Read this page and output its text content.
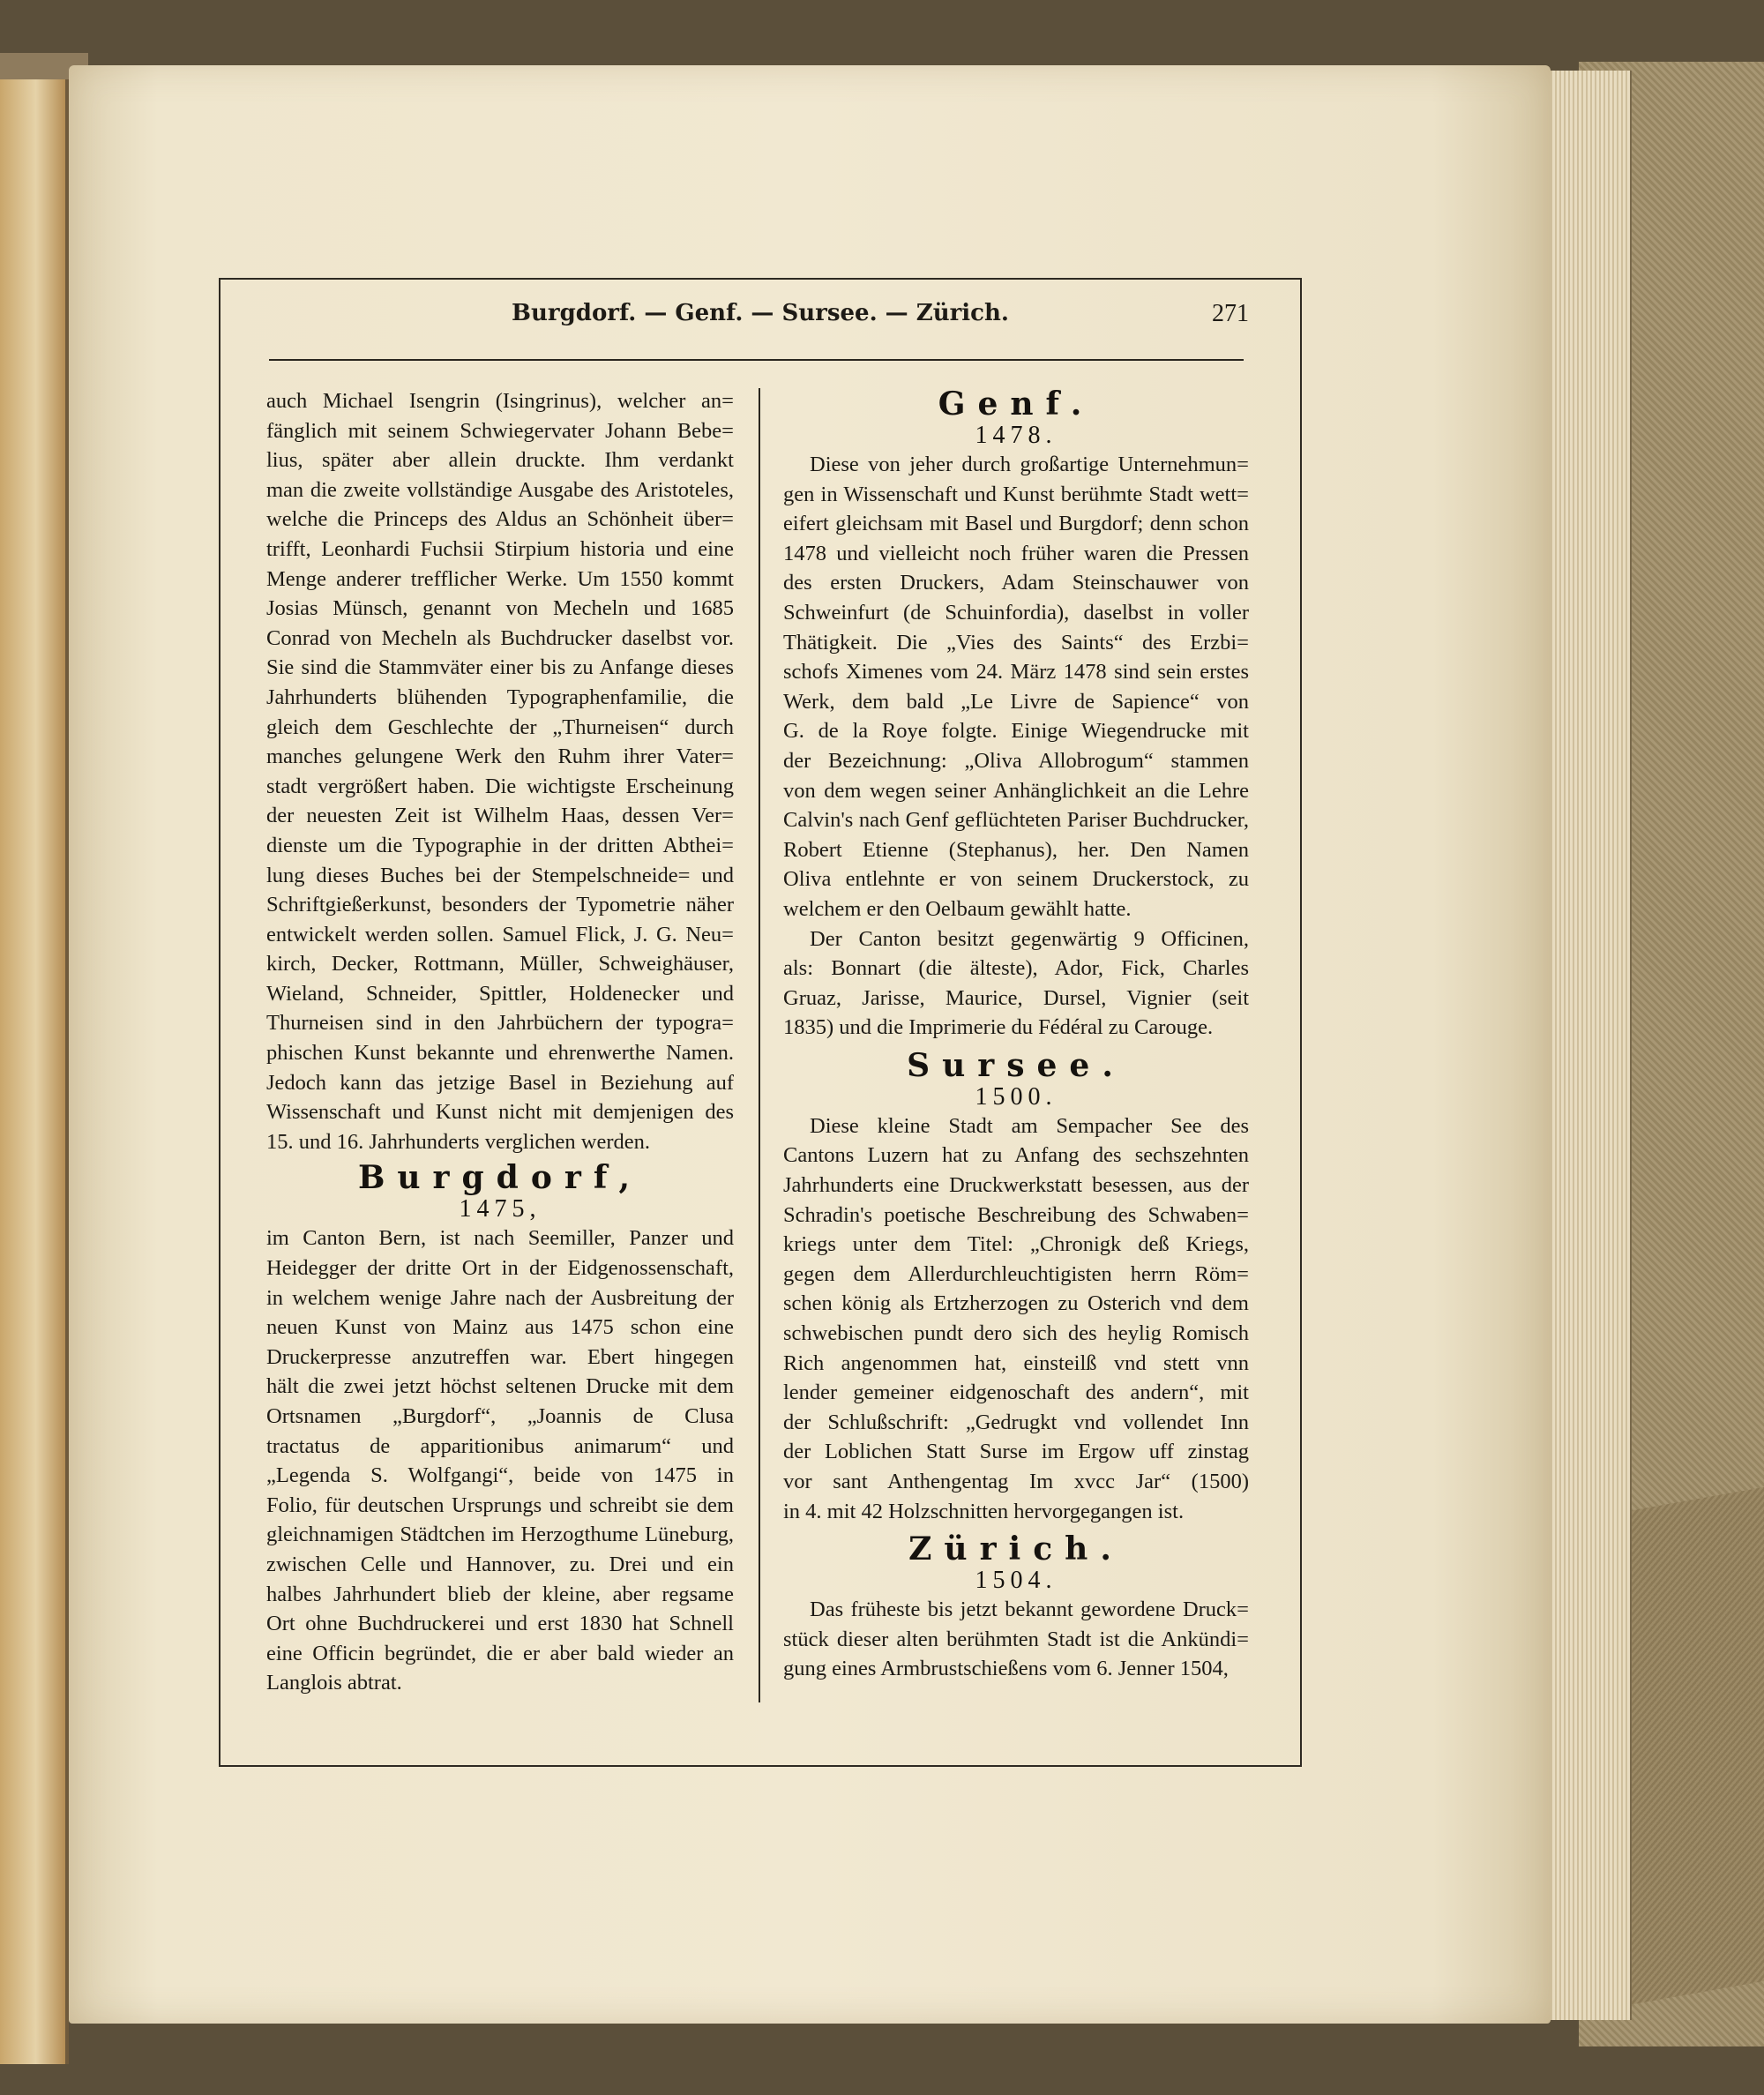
Burgdorf. — Genf. — Sursee. — Zürich.	271
auch Michael Isengrin (Isingrinus), welcher an=
fänglich mit seinem Schwiegervater Johann Bebe=
lius, später aber allein druckte. Ihm verdankt
man die zweite vollständige Ausgabe des Aristoteles,
welche die Princeps des Aldus an Schönheit über=
trifft, Leonhardi Fuchsii Stirpium historia und eine
Menge anderer trefflicher Werke. Um 1550 kommt
Josias Münsch, genannt von Mecheln und 1685
Conrad von Mecheln als Buchdrucker daselbst vor.
Sie sind die Stammväter einer bis zu Anfange dieses
Jahrhunderts blühenden Typographenfamilie, die
gleich dem Geschlechte der „Thurneisen“ durch
manches gelungene Werk den Ruhm ihrer Vater=
stadt vergrößert haben. Die wichtigste Erscheinung
der neuesten Zeit ist Wilhelm Haas, dessen Ver=
dienste um die Typographie in der dritten Abthei=
lung dieses Buches bei der Stempelschneide= und
Schriftgießerkunst, besonders der Typometrie näher
entwickelt werden sollen. Samuel Flick, J. G. Neu=
kirch, Decker, Rottmann, Müller, Schweighäuser,
Wieland, Schneider, Spittler, Holdenecker und
Thurneisen sind in den Jahrbüchern der typogra=
phischen Kunst bekannte und ehrenwerthe Namen.
Jedoch kann das jetzige Basel in Beziehung auf
Wissenschaft und Kunst nicht mit demjenigen des
15. und 16. Jahrhunderts verglichen werden.
Burgdorf,
1475,
im Canton Bern, ist nach Seemiller, Panzer und
Heidegger der dritte Ort in der Eidgenossenschaft,
in welchem wenige Jahre nach der Ausbreitung der
neuen Kunst von Mainz aus 1475 schon eine
Druckerpresse anzutreffen war. Ebert hingegen
hält die zwei jetzt höchst seltenen Drucke mit dem
Ortsnamen „Burgdorf“, „Joannis de Clusa
tractatus de apparitionibus animarum“ und
„Legenda S. Wolfgangi“, beide von 1475 in
Folio, für deutschen Ursprungs und schreibt sie dem
gleichnamigen Städtchen im Herzogthume Lüneburg,
zwischen Celle und Hannover, zu. Drei und ein
halbes Jahrhundert blieb der kleine, aber regsame
Ort ohne Buchdruckerei und erst 1830 hat Schnell
eine Officin begründet, die er aber bald wieder an
Langlois abtrat.
Genf.
1478.
Diese von jeher durch großartige Unternehmun=
gen in Wissenschaft und Kunst berühmte Stadt wett=
eifert gleichsam mit Basel und Burgdorf; denn schon
1478 und vielleicht noch früher waren die Pressen
des ersten Druckers, Adam Steinschauwer von
Schweinfurt (de Schuinfordia), daselbst in voller
Thätigkeit. Die „Vies des Saints“ des Erzbi=
schofs Ximenes vom 24. März 1478 sind sein erstes
Werk, dem bald „Le Livre de Sapience“ von
G. de la Roye folgte. Einige Wiegendrucke mit
der Bezeichnung: „Oliva Allobrogum“ stammen
von dem wegen seiner Anhänglichkeit an die Lehre
Calvin's nach Genf geflüchteten Pariser Buchdrucker,
Robert Etienne (Stephanus), her. Den Namen
Oliva entlehnte er von seinem Druckerstock, zu
welchem er den Oelbaum gewählt hatte.
Der Canton besitzt gegenwärtig 9 Officinen,
als: Bonnart (die älteste), Ador, Fick, Charles
Gruaz, Jarisse, Maurice, Dursel, Vignier (seit
1835) und die Imprimerie du Fédéral zu Carouge.
Sursee.
1500.
Diese kleine Stadt am Sempacher See des
Cantons Luzern hat zu Anfang des sechszehnten
Jahrhunderts eine Druckwerkstatt besessen, aus der
Schradin's poetische Beschreibung des Schwaben=
kriegs unter dem Titel: „Chronigk deß Kriegs,
gegen dem Allerdurchleuchtigisten herrn Röm=
schen könig als Ertzherzogen zu Osterich vnd dem
schwebischen pundt dero sich des heylig Romisch
Rich angenommen hat, einsteilß vnd stett vnn
lender gemeiner eidgenoschaft des andern“, mit
der Schlußschrift: „Gedrugkt vnd vollendet Inn
der Loblichen Statt Surse im Ergow uff zinstag
vor sant Anthengentag Im xvcc Jar“ (1500)
in 4. mit 42 Holzschnitten hervorgegangen ist.
Zürich.
1504.
Das früheste bis jetzt bekannt gewordene Druck=
stück dieser alten berühmten Stadt ist die Ankündi=
gung eines Armbrustschießens vom 6. Jenner 1504,
